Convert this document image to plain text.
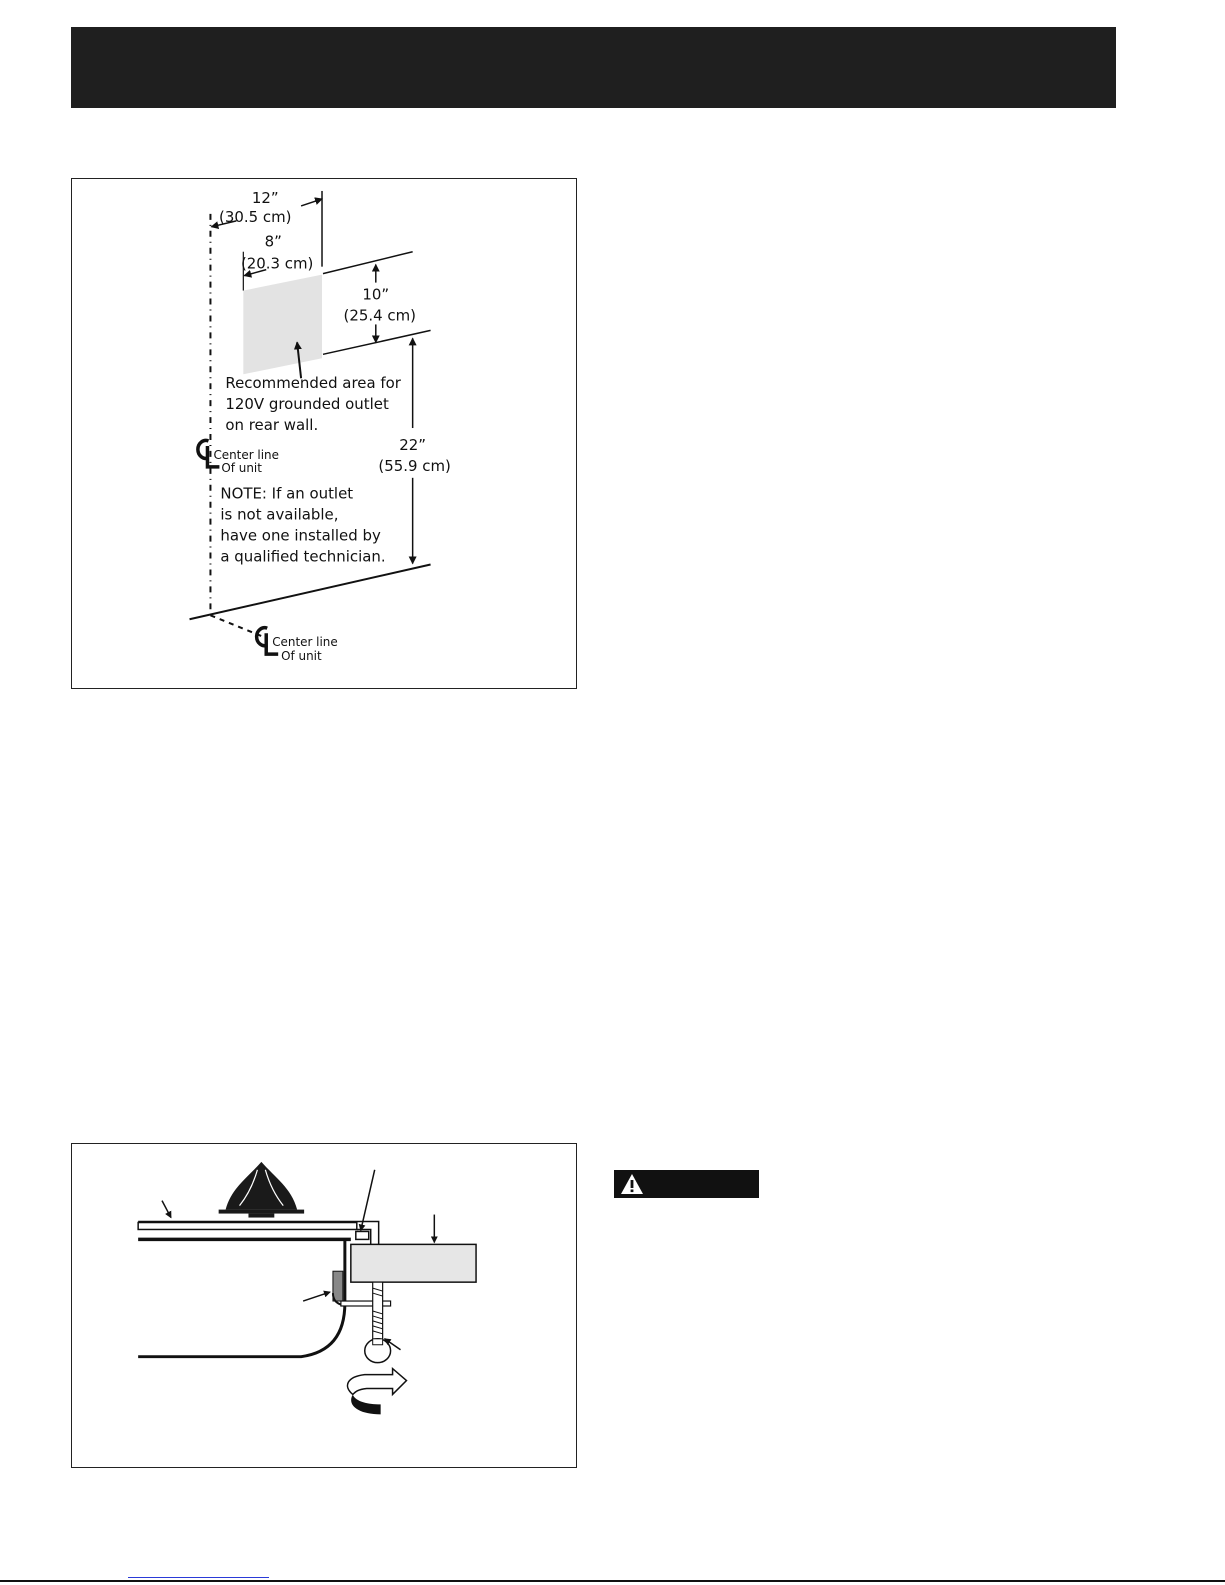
12”
(30.5 cm)
8”
(20.3 cm)
10”
(25.4 cm)
Recommended area for
120V grounded outlet
on rear wall.
22”
(55.9 cm)
Center line
Of unit
NOTE: If an outlet
is not available,
have one installed by
a qualified technician.
Center line
Of unit
